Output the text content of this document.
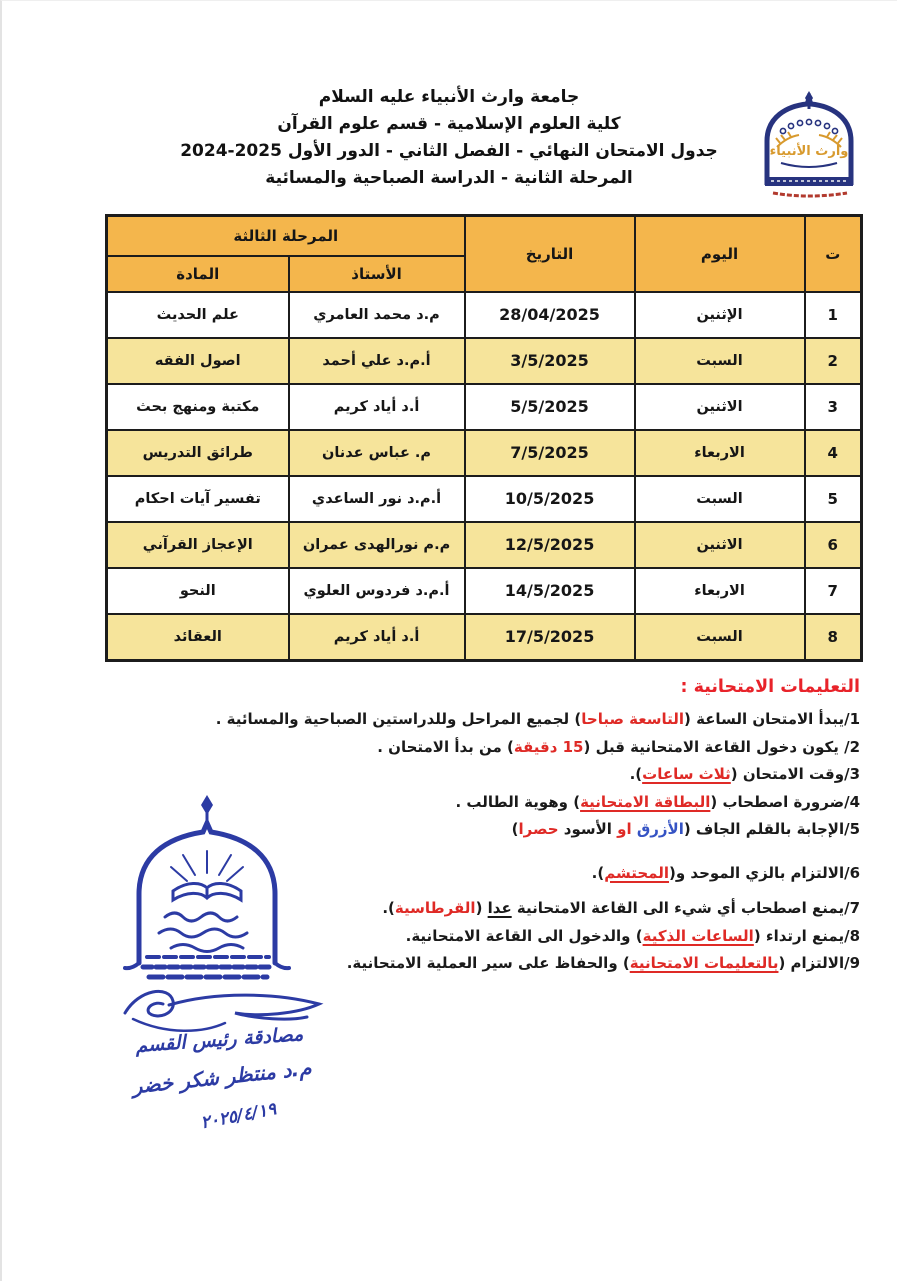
وارث الأنبياء
جامعة وارث الأنبياء عليه السلام
كلية العلوم الإسلامية - قسم علوم القرآن
جدول الامتحان النهائي - الفصل الثاني - الدور الأول 2025-2024
المرحلة الثانية - الدراسة الصباحية والمسائية
ت	اليوم	التاريخ	المرحلة الثالثة	
			الأستاذ	المادة
1	الإثنين	28/04/2025	م.د محمد العامري	علم الحديث
2	السبت	3/5/2025	أ.م.د علي أحمد	اصول الفقه
3	الاثنين	5/5/2025	أ.د أياد كريم	مكتبة ومنهج بحث
4	الاربعاء	7/5/2025	م. عباس عدنان	طرائق التدريس
5	السبت	10/5/2025	أ.م.د نور الساعدي	تفسير آيات احكام
6	الاثنين	12/5/2025	م.م نورالهدى عمران	الإعجاز القرآني
7	الاربعاء	14/5/2025	أ.م.د فردوس العلوي	النحو
8	السبت	17/5/2025	أ.د أياد كريم	العقائد
التعليمات الامتحانية :
1/يبدأ الامتحان الساعة (التاسعة صباحا) لجميع المراحل وللدراستين الصباحية والمسائية .
2/ يكون دخول القاعة الامتحانية قبل (15 دقيقة) من بدأ الامتحان .
3/وقت الامتحان (ثلاث ساعات).
4/ضرورة اصطحاب (البطاقة الامتحانية) وهوية الطالب .
5/الإجابة بالقلم الجاف (الأزرق او الأسود حصرا)
6/الالتزام بالزي الموحد و(المحتشم).
7/يمنع اصطحاب أي شيء الى القاعة الامتحانية عدا (القرطاسية).
8/يمنع ارتداء (الساعات الذكية) والدخول الى القاعة الامتحانية.
9/الالتزام (بالتعليمات الامتحانية) والحفاظ على سير العملية الامتحانية.
مصادقة رئيس القسم
م.د منتظر شكر خضر
٢٠٢٥/٤/١٩
